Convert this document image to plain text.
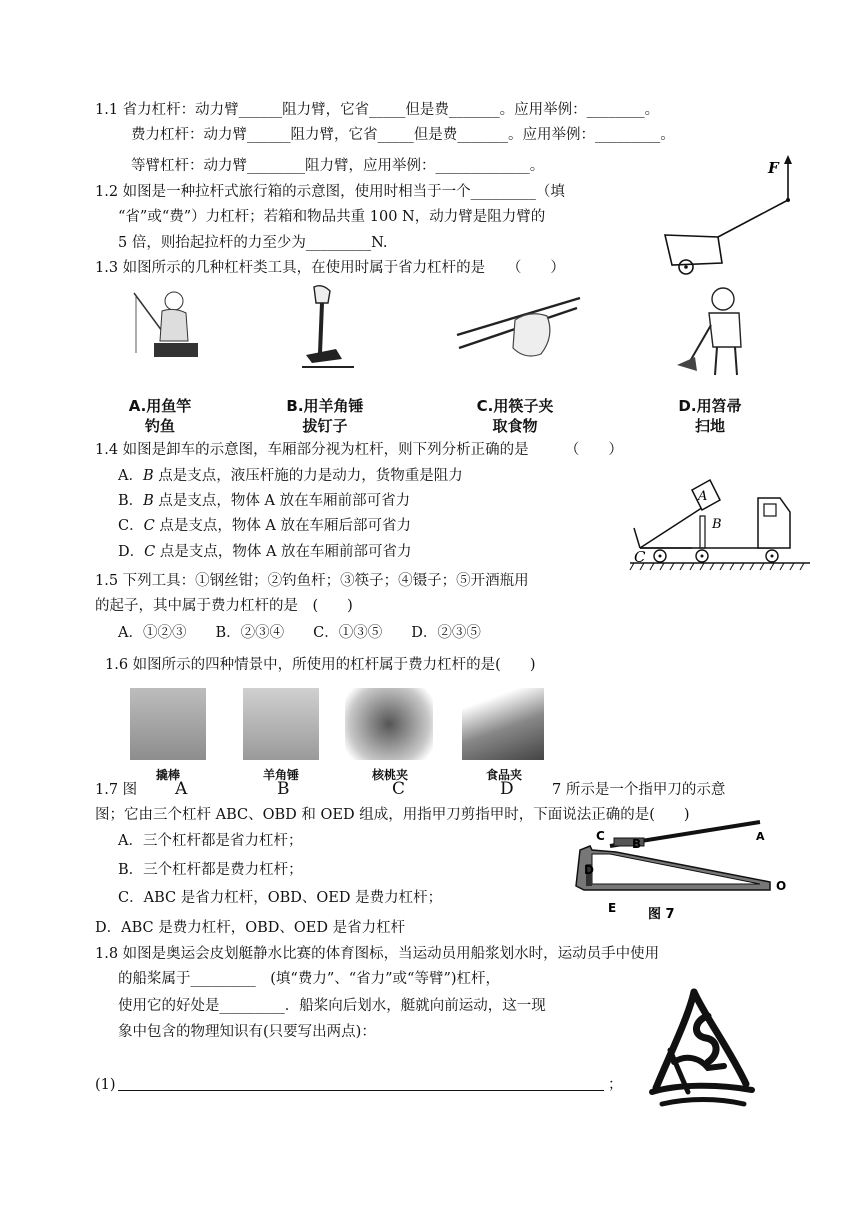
1.1 省力杠杆：动力臂______阻力臂，它省_____但是费_______。应用举例：________。
费力杠杆：动力臂______阻力臂，它省_____但是费_______。应用举例：_________。
等臂杠杆：动力臂________阻力臂，应用举例：_____________。
1.2 如图是一种拉杆式旅行箱的示意图，使用时相当于一个_________（填
“省”或“费”）力杠杆；若箱和物品共重 100 N，动力臂是阻力臂的
5 倍，则抬起拉杆的力至少为_________N.
F
1.3 如图所示的几种杠杆类工具，在使用时属于省力杠杆的是　　（　　）
A.用鱼竿
钓鱼
B.用羊角锤
拔钉子
C.用筷子夹
取食物
D.用笤帚
扫地
1.4 如图是卸车的示意图，车厢部分视为杠杆，则下列分析正确的是　　　（　　）
A．B 点是支点，液压杆施的力是动力，货物重是阻力
B．B 点是支点，物体 A 放在车厢前部可省力
C．C 点是支点，物体 A 放在车厢后部可省力
D．C 点是支点，物体 A 放在车厢前部可省力
A
B
C
1.5 下列工具：①钢丝钳；②钓鱼杆；③筷子；④镊子；⑤开酒瓶用
的起子，其中属于费力杠杆的是　(　　)
A．①②③　　B．②③④　　C．①③⑤　　D．②③⑤
1.6 如图所示的四种情景中，所使用的杠杆属于费力杠杆的是(　　)
撬棒	羊角锤	核桃夹	食品夹
1.7 图 A	B	C	D	7 所示是一个指甲刀的示意
图；它由三个杠杆 ABC、OBD 和 OED 组成，用指甲刀剪指甲时，下面说法正确的是(　　)
A．三个杠杆都是省力杠杆；
B．三个杠杆都是费力杠杆；
C．ABC 是省力杠杆，OBD、OED 是费力杠杆；
D．ABC 是费力杠杆，OBD、OED 是省力杠杆
C
B
A
D
E
O
图 7
1.8 如图是奥运会皮划艇静水比赛的体育图标，当运动员用船浆划水时，运动员手中使用
的船桨属于_________　(填“费力”、“省力”或“等臂”)杠杆，
使用它的好处是_________．船桨向后划水，艇就向前运动，这一现
象中包含的物理知识有(只要写出两点)：
(1)	；
